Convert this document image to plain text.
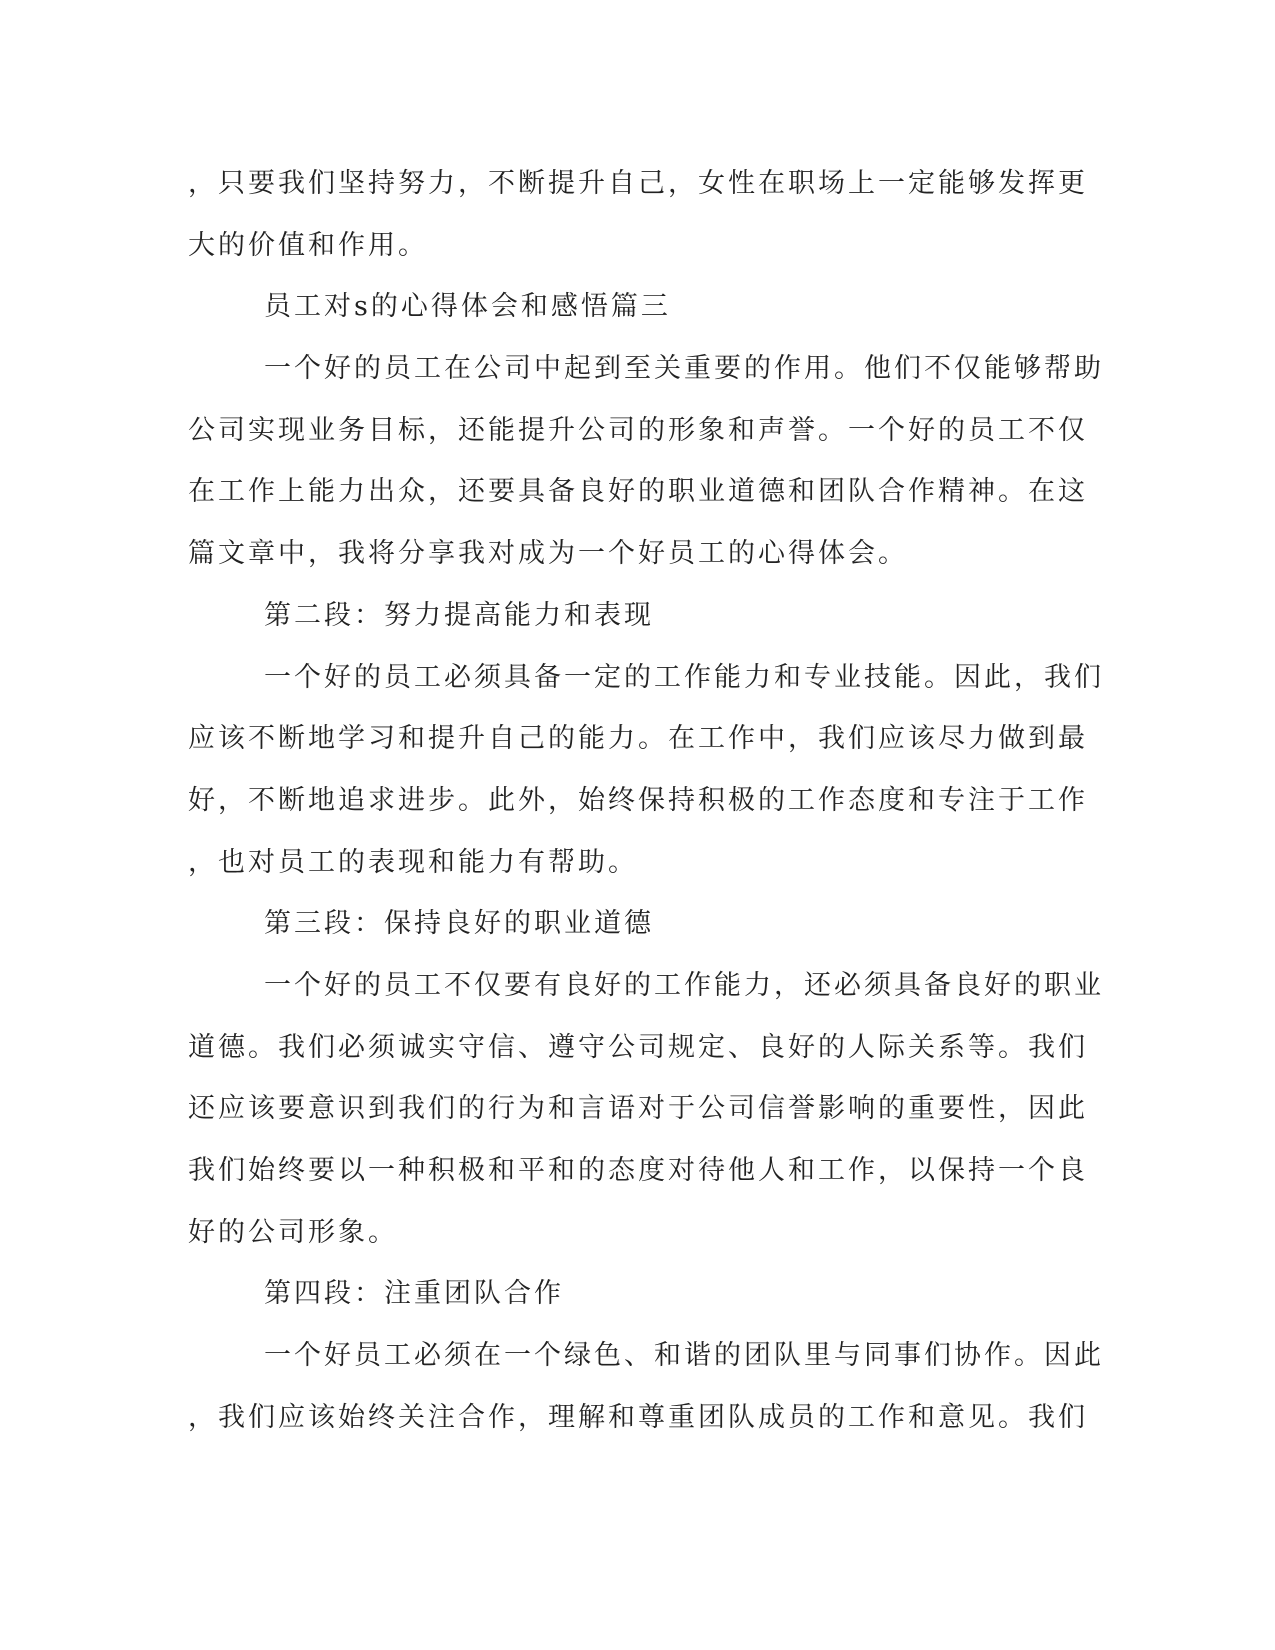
，只要我们坚持努力，不断提升自己，女性在职场上一定能够发挥更
大的价值和作用。
员工对s的心得体会和感悟篇三
一个好的员工在公司中起到至关重要的作用。他们不仅能够帮助
公司实现业务目标，还能提升公司的形象和声誉。一个好的员工不仅
在工作上能力出众，还要具备良好的职业道德和团队合作精神。在这
篇文章中，我将分享我对成为一个好员工的心得体会。
第二段：努力提高能力和表现
一个好的员工必须具备一定的工作能力和专业技能。因此，我们
应该不断地学习和提升自己的能力。在工作中，我们应该尽力做到最
好，不断地追求进步。此外，始终保持积极的工作态度和专注于工作
，也对员工的表现和能力有帮助。
第三段：保持良好的职业道德
一个好的员工不仅要有良好的工作能力，还必须具备良好的职业
道德。我们必须诚实守信、遵守公司规定、良好的人际关系等。我们
还应该要意识到我们的行为和言语对于公司信誉影响的重要性，因此
我们始终要以一种积极和平和的态度对待他人和工作，以保持一个良
好的公司形象。
第四段：注重团队合作
一个好员工必须在一个绿色、和谐的团队里与同事们协作。因此
，我们应该始终关注合作，理解和尊重团队成员的工作和意见。我们
